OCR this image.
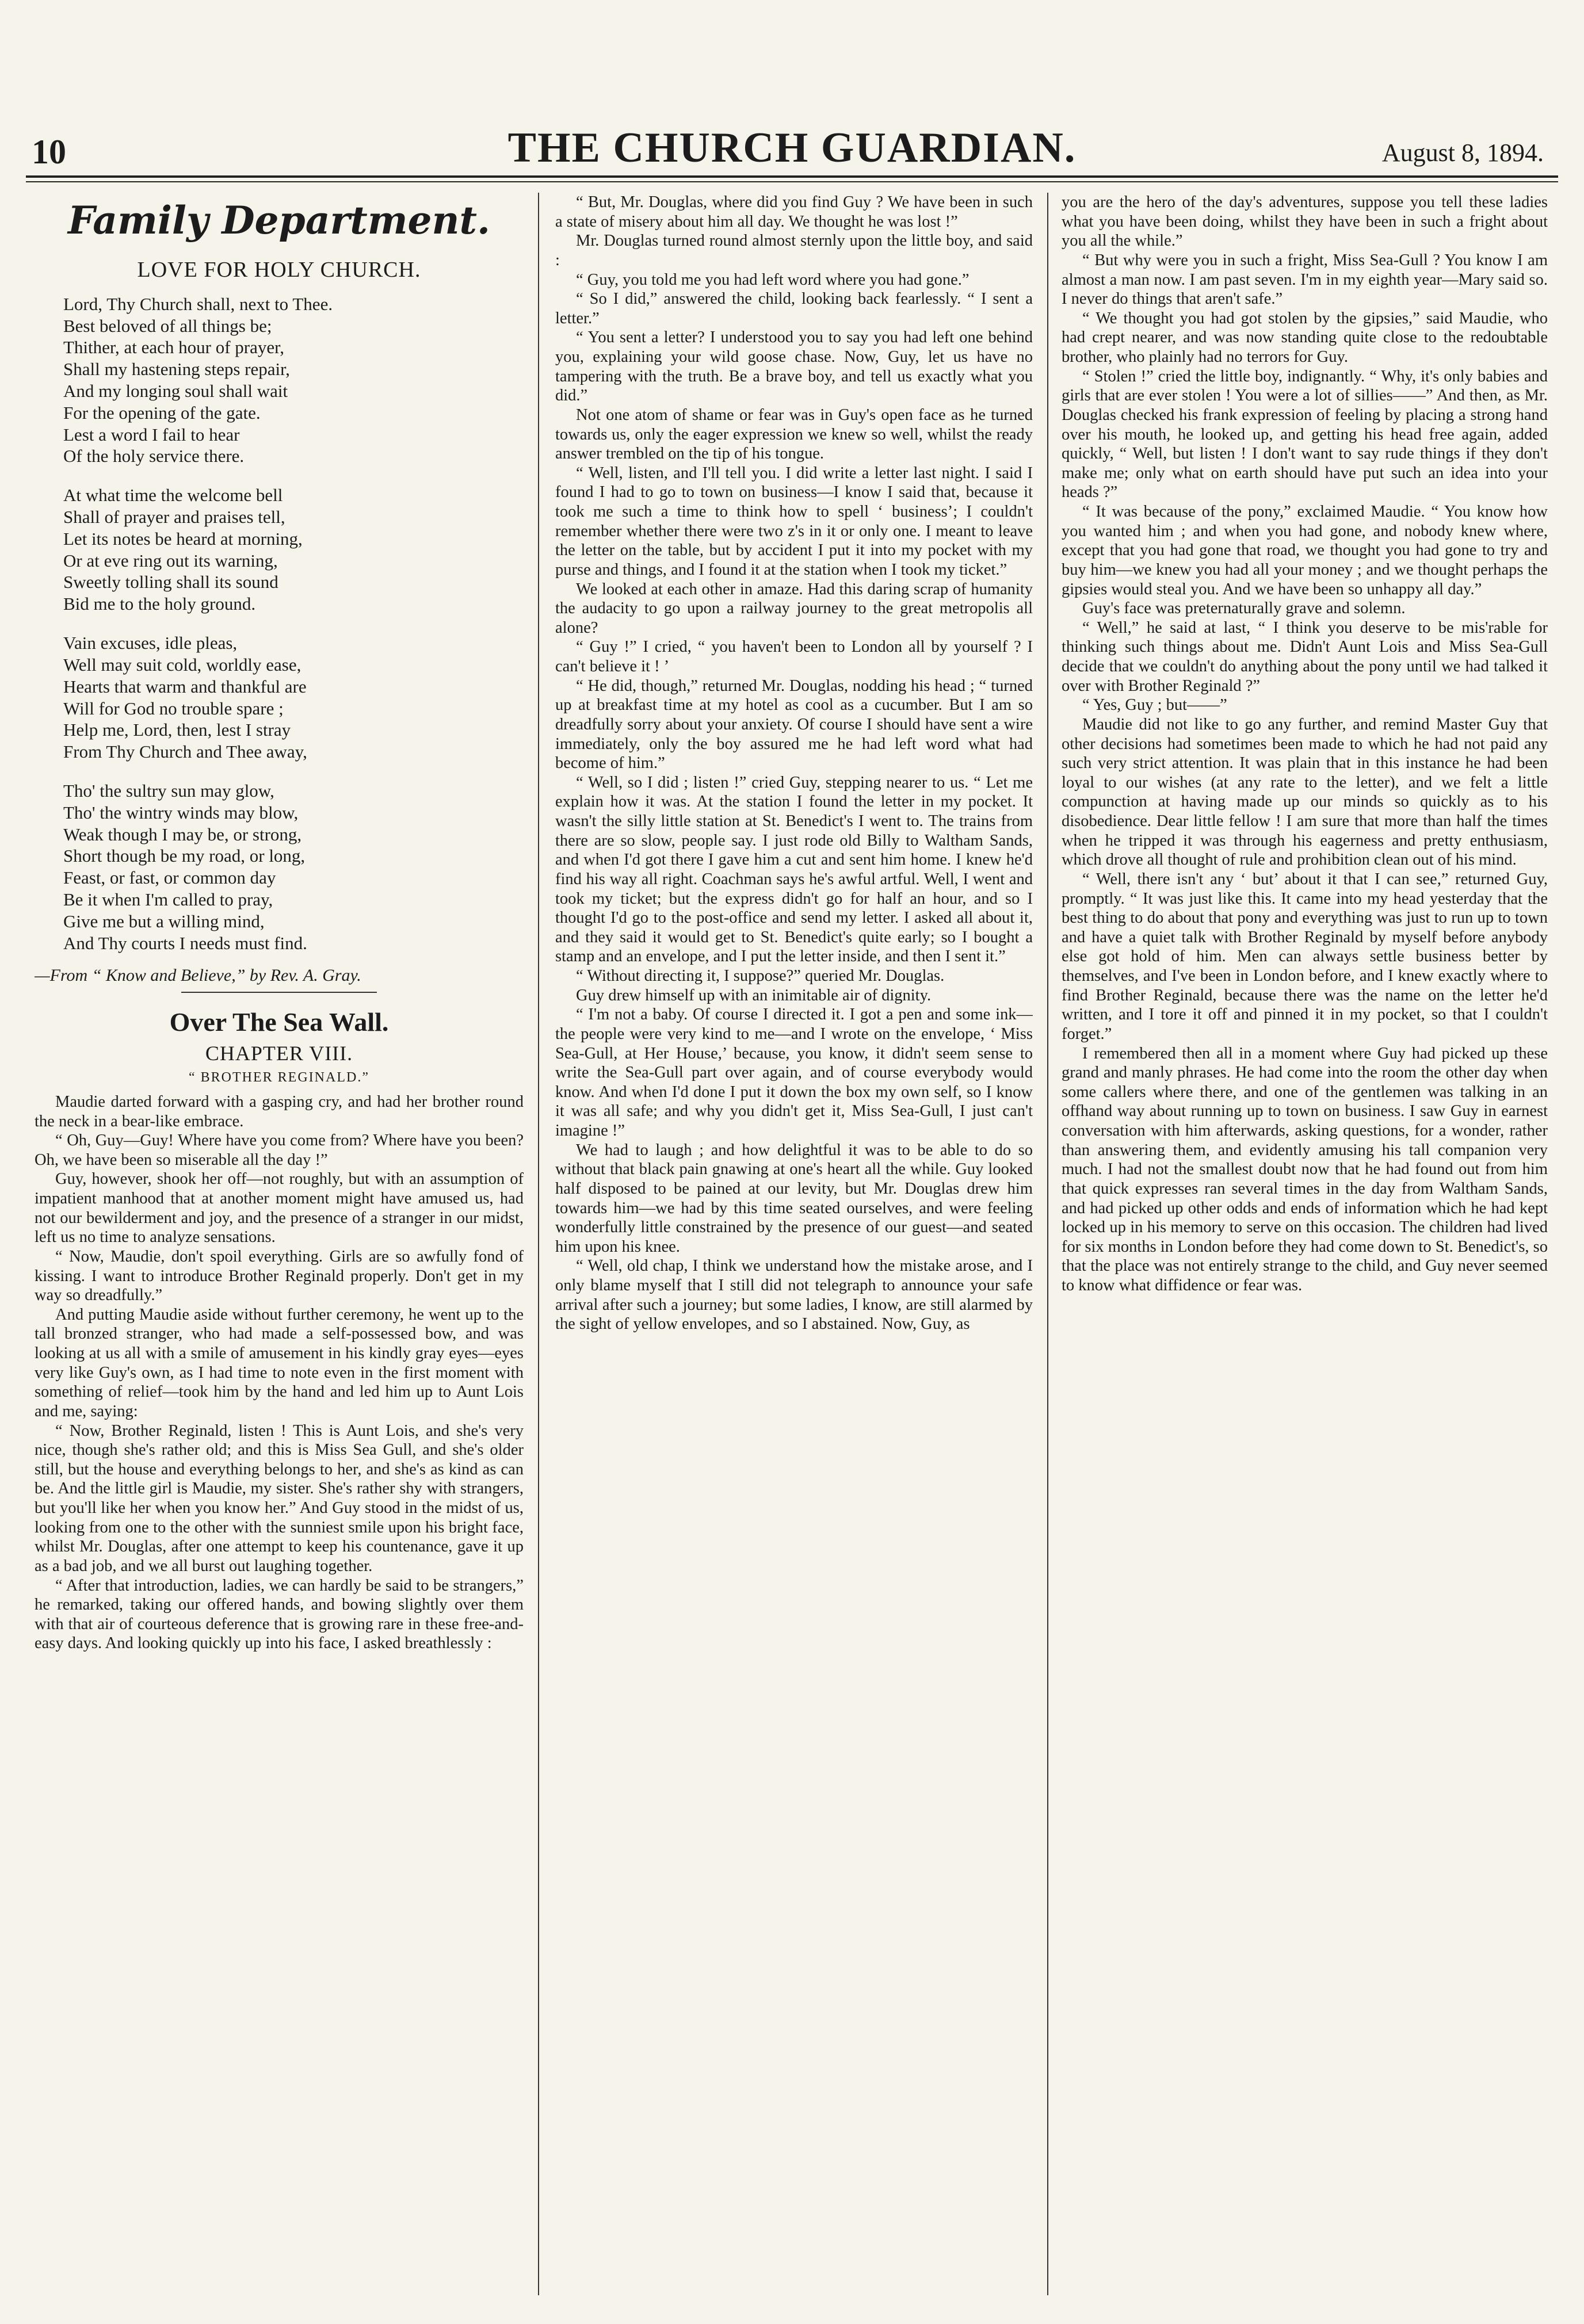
10	THE CHURCH GUARDIAN.	August 8, 1894.
Family Department.
LOVE FOR HOLY CHURCH.
Lord, Thy Church shall, next to Thee.
Best beloved of all things be;
Thither, at each hour of prayer,
Shall my hastening steps repair,
And my longing soul shall wait
For the opening of the gate.
Lest a word I fail to hear
Of the holy service there.
At what time the welcome bell
Shall of prayer and praises tell,
Let its notes be heard at morning,
Or at eve ring out its warning,
Sweetly tolling shall its sound
Bid me to the holy ground.
Vain excuses, idle pleas,
Well may suit cold, worldly ease,
Hearts that warm and thankful are
Will for God no trouble spare ;
Help me, Lord, then, lest I stray
From Thy Church and Thee away,
Tho' the sultry sun may glow,
Tho' the wintry winds may blow,
Weak though I may be, or strong,
Short though be my road, or long,
Feast, or fast, or common day
Be it when I'm called to pray,
Give me but a willing mind,
And Thy courts I needs must find.
—From “ Know and Believe,” by Rev. A. Gray.
Over The Sea Wall.
CHAPTER VIII.
“ BROTHER REGINALD.”

Maudie darted forward with a gasping cry, and had her brother round the neck in a bear-like embrace.

“ Oh, Guy—Guy! Where have you come from? Where have you been? Oh, we have been so miserable all the day !”

Guy, however, shook her off—not roughly, but with an assumption of impatient manhood that at another moment might have amused us, had not our bewilderment and joy, and the presence of a stranger in our midst, left us no time to analyze sensations.

“ Now, Maudie, don't spoil everything. Girls are so awfully fond of kissing. I want to introduce Brother Reginald properly. Don't get in my way so dreadfully.”

And putting Maudie aside without further ceremony, he went up to the tall bronzed stranger, who had made a self-possessed bow, and was looking at us all with a smile of amusement in his kindly gray eyes—eyes very like Guy's own, as I had time to note even in the first moment with something of relief—took him by the hand and led him up to Aunt Lois and me, saying:

“ Now, Brother Reginald, listen ! This is Aunt Lois, and she's very nice, though she's rather old; and this is Miss Sea Gull, and she's older still, but the house and everything belongs to her, and she's as kind as can be. And the little girl is Maudie, my sister. She's rather shy with strangers, but you'll like her when you know her.” And Guy stood in the midst of us, looking from one to the other with the sunniest smile upon his bright face, whilst Mr. Douglas, after one attempt to keep his countenance, gave it up as a bad job, and we all burst out laughing together.

“ After that introduction, ladies, we can hardly be said to be strangers,” he remarked, taking our offered hands, and bowing slightly over them with that air of courteous deference that is growing rare in these free-and-easy days. And looking quickly up into his face, I asked breathlessly :

“ But, Mr. Douglas, where did you find Guy ? We have been in such a state of misery about him all day. We thought he was lost !”

Mr. Douglas turned round almost sternly upon the little boy, and said :

“ Guy, you told me you had left word where you had gone.”

“ So I did,” answered the child, looking back fearlessly. “ I sent a letter.”

“ You sent a letter? I understood you to say you had left one behind you, explaining your wild goose chase. Now, Guy, let us have no tampering with the truth. Be a brave boy, and tell us exactly what you did.”

Not one atom of shame or fear was in Guy's open face as he turned towards us, only the eager expression we knew so well, whilst the ready answer trembled on the tip of his tongue.

“ Well, listen, and I'll tell you. I did write a letter last night. I said I found I had to go to town on business—I know I said that, because it took me such a time to think how to spell ‘ business’; I couldn't remember whether there were two z's in it or only one. I meant to leave the letter on the table, but by accident I put it into my pocket with my purse and things, and I found it at the station when I took my ticket.”

We looked at each other in amaze. Had this daring scrap of humanity the audacity to go upon a railway journey to the great metropolis all alone?

“ Guy !” I cried, “ you haven't been to London all by yourself ? I can't believe it ! ’

“ He did, though,” returned Mr. Douglas, nodding his head ; “ turned up at breakfast time at my hotel as cool as a cucumber. But I am so dreadfully sorry about your anxiety. Of course I should have sent a wire immediately, only the boy assured me he had left word what had become of him.”

“ Well, so I did ; listen !” cried Guy, stepping nearer to us. “ Let me explain how it was. At the station I found the letter in my pocket. It wasn't the silly little station at St. Benedict's I went to. The trains from there are so slow, people say. I just rode old Billy to Waltham Sands, and when I'd got there I gave him a cut and sent him home. I knew he'd find his way all right. Coachman says he's awful artful. Well, I went and took my ticket; but the express didn't go for half an hour, and so I thought I'd go to the post-office and send my letter. I asked all about it, and they said it would get to St. Benedict's quite early; so I bought a stamp and an envelope, and I put the letter inside, and then I sent it.”

“ Without directing it, I suppose?” queried Mr. Douglas.

Guy drew himself up with an inimitable air of dignity.

“ I'm not a baby. Of course I directed it. I got a pen and some ink—the people were very kind to me—and I wrote on the envelope, ‘ Miss Sea-Gull, at Her House,’ because, you know, it didn't seem sense to write the Sea-Gull part over again, and of course everybody would know. And when I'd done I put it down the box my own self, so I know it was all safe; and why you didn't get it, Miss Sea-Gull, I just can't imagine !”

We had to laugh ; and how delightful it was to be able to do so without that black pain gnawing at one's heart all the while. Guy looked half disposed to be pained at our levity, but Mr. Douglas drew him towards him—we had by this time seated ourselves, and were feeling wonderfully little constrained by the presence of our guest—and seated him upon his knee.

“ Well, old chap, I think we understand how the mistake arose, and I only blame myself that I still did not telegraph to announce your safe arrival after such a journey; but some ladies, I know, are still alarmed by the sight of yellow envelopes, and so I abstained. Now, Guy, as

you are the hero of the day's adventures, suppose you tell these ladies what you have been doing, whilst they have been in such a fright about you all the while.”

“ But why were you in such a fright, Miss Sea-Gull ? You know I am almost a man now. I am past seven. I'm in my eighth year—Mary said so. I never do things that aren't safe.”

“ We thought you had got stolen by the gipsies,” said Maudie, who had crept nearer, and was now standing quite close to the redoubtable brother, who plainly had no terrors for Guy.

“ Stolen !” cried the little boy, indignantly. “ Why, it's only babies and girls that are ever stolen ! You were a lot of sillies——” And then, as Mr. Douglas checked his frank expression of feeling by placing a strong hand over his mouth, he looked up, and getting his head free again, added quickly, “ Well, but listen ! I don't want to say rude things if they don't make me; only what on earth should have put such an idea into your heads ?”

“ It was because of the pony,” exclaimed Maudie. “ You know how you wanted him ; and when you had gone, and nobody knew where, except that you had gone that road, we thought you had gone to try and buy him—we knew you had all your money ; and we thought perhaps the gipsies would steal you. And we have been so unhappy all day.”

Guy's face was preternaturally grave and solemn.

“ Well,” he said at last, “ I think you deserve to be mis'rable for thinking such things about me. Didn't Aunt Lois and Miss Sea-Gull decide that we couldn't do anything about the pony until we had talked it over with Brother Reginald ?”

“ Yes, Guy ; but——”

Maudie did not like to go any further, and remind Master Guy that other decisions had sometimes been made to which he had not paid any such very strict attention. It was plain that in this instance he had been loyal to our wishes (at any rate to the letter), and we felt a little compunction at having made up our minds so quickly as to his disobedience. Dear little fellow ! I am sure that more than half the times when he tripped it was through his eagerness and pretty enthusiasm, which drove all thought of rule and prohibition clean out of his mind.

“ Well, there isn't any ‘ but’ about it that I can see,” returned Guy, promptly. “ It was just like this. It came into my head yesterday that the best thing to do about that pony and everything was just to run up to town and have a quiet talk with Brother Reginald by myself before anybody else got hold of him. Men can always settle business better by themselves, and I've been in London before, and I knew exactly where to find Brother Reginald, because there was the name on the letter he'd written, and I tore it off and pinned it in my pocket, so that I couldn't forget.”

I remembered then all in a moment where Guy had picked up these grand and manly phrases. He had come into the room the other day when some callers where there, and one of the gentlemen was talking in an offhand way about running up to town on business. I saw Guy in earnest conversation with him afterwards, asking questions, for a wonder, rather than answering them, and evidently amusing his tall companion very much. I had not the smallest doubt now that he had found out from him that quick expresses ran several times in the day from Waltham Sands, and had picked up other odds and ends of information which he had kept locked up in his memory to serve on this occasion. The children had lived for six months in London before they had come down to St. Benedict's, so that the place was not entirely strange to the child, and Guy never seemed to know what diffidence or fear was.
